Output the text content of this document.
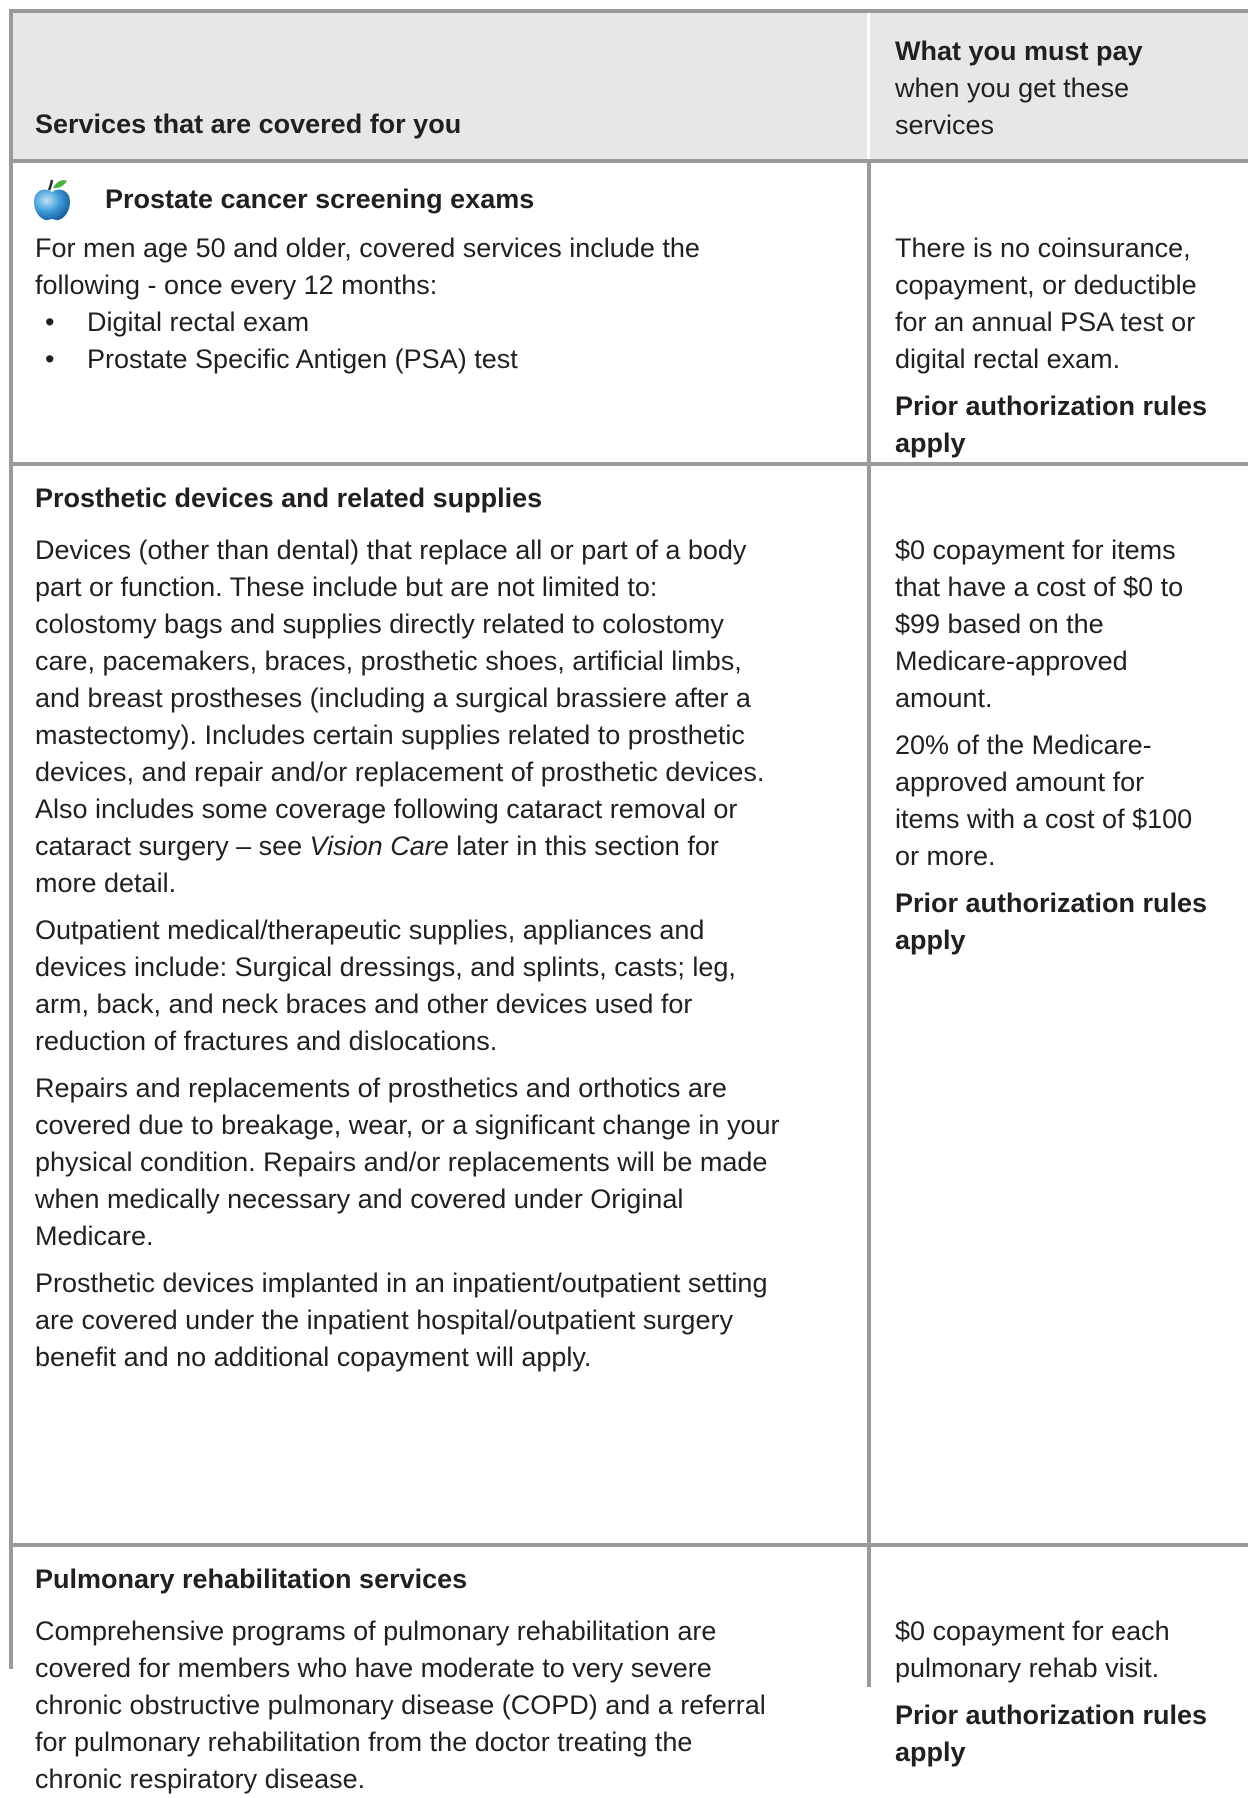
Services that are covered for you
What you must pay
when you get these
services

Prostate cancer screening exams

For men age 50 and older, covered services include the

following - once every 12 months:

• Digital rectal exam
• Prostate Specific Antigen (PSA) test

There is no coinsurance,

copayment, or deductible

for an annual PSA test or

digital rectal exam.

Prior authorization rules

apply

Prosthetic devices and related supplies

Devices (other than dental) that replace all or part of a body

part or function. These include but are not limited to:

colostomy bags and supplies directly related to colostomy

care, pacemakers, braces, prosthetic shoes, artificial limbs,

and breast prostheses (including a surgical brassiere after a

mastectomy). Includes certain supplies related to prosthetic

devices, and repair and/or replacement of prosthetic devices.

Also includes some coverage following cataract removal or

cataract surgery – see Vision Care later in this section for

more detail.

Outpatient medical/therapeutic supplies, appliances and

devices include: Surgical dressings, and splints, casts; leg,

arm, back, and neck braces and other devices used for

reduction of fractures and dislocations.

Repairs and replacements of prosthetics and orthotics are

covered due to breakage, wear, or a significant change in your

physical condition. Repairs and/or replacements will be made

when medically necessary and covered under Original

Medicare.

Prosthetic devices implanted in an inpatient/outpatient setting

are covered under the inpatient hospital/outpatient surgery

benefit and no additional copayment will apply.

$0 copayment for items

that have a cost of $0 to

$99 based on the

Medicare-approved

amount.

20% of the Medicare-

approved amount for

items with a cost of $100

or more.

Prior authorization rules

apply

Pulmonary rehabilitation services

Comprehensive programs of pulmonary rehabilitation are

covered for members who have moderate to very severe

chronic obstructive pulmonary disease (COPD) and a referral

for pulmonary rehabilitation from the doctor treating the

chronic respiratory disease.

$0 copayment for each

pulmonary rehab visit.

Prior authorization rules

apply
